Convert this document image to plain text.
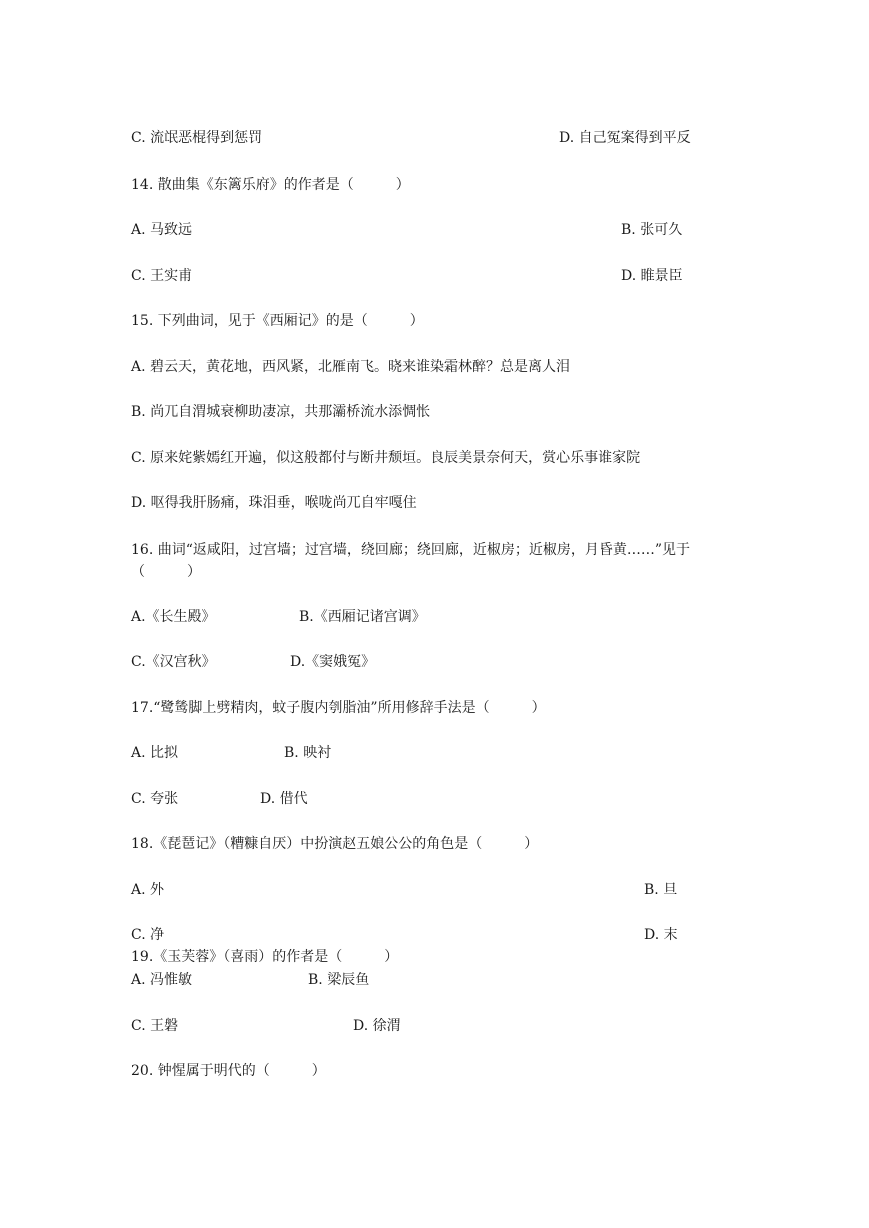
C. 流氓恶棍得到惩罚	D. 自己冤案得到平反
14. 散曲集《东篱乐府》的作者是（　　　）
A. 马致远	B. 张可久
C. 王实甫	D. 睢景臣
15. 下列曲词，见于《西厢记》的是（　　　）
A. 碧云天，黄花地，西风紧，北雁南飞。晓来谁染霜林醉？总是离人泪
B. 尚兀自渭城衰柳助凄凉，共那灞桥流水添惆怅
C. 原来姹紫嫣红开遍，似这般都付与断井颓垣。良辰美景奈何天，赏心乐事谁家院
D. 呕得我肝肠痛，珠泪垂，喉咙尚兀自牢嘎住
16. 曲词“返咸阳，过宫墙；过宫墙，绕回廊；绕回廊，近椒房；近椒房，月昏黄……”见于（　　　）
A.《长生殿》	B.《西厢记诸宫调》
C.《汉宫秋》	D.《窦娥冤》
17.“鹭鸶脚上劈精肉，蚊子腹内刳脂油”所用修辞手法是（　　　）
A. 比拟	B. 映衬
C. 夸张	D. 借代
18.《琵琶记》（糟糠自厌）中扮演赵五娘公公的角色是（　　　）
A. 外	B. 旦
C. 净	D. 末
19.《玉芙蓉》（喜雨）的作者是（　　　）
A. 冯惟敏	B. 梁辰鱼
C. 王磐	D. 徐渭
20. 钟惺属于明代的（　　　）
